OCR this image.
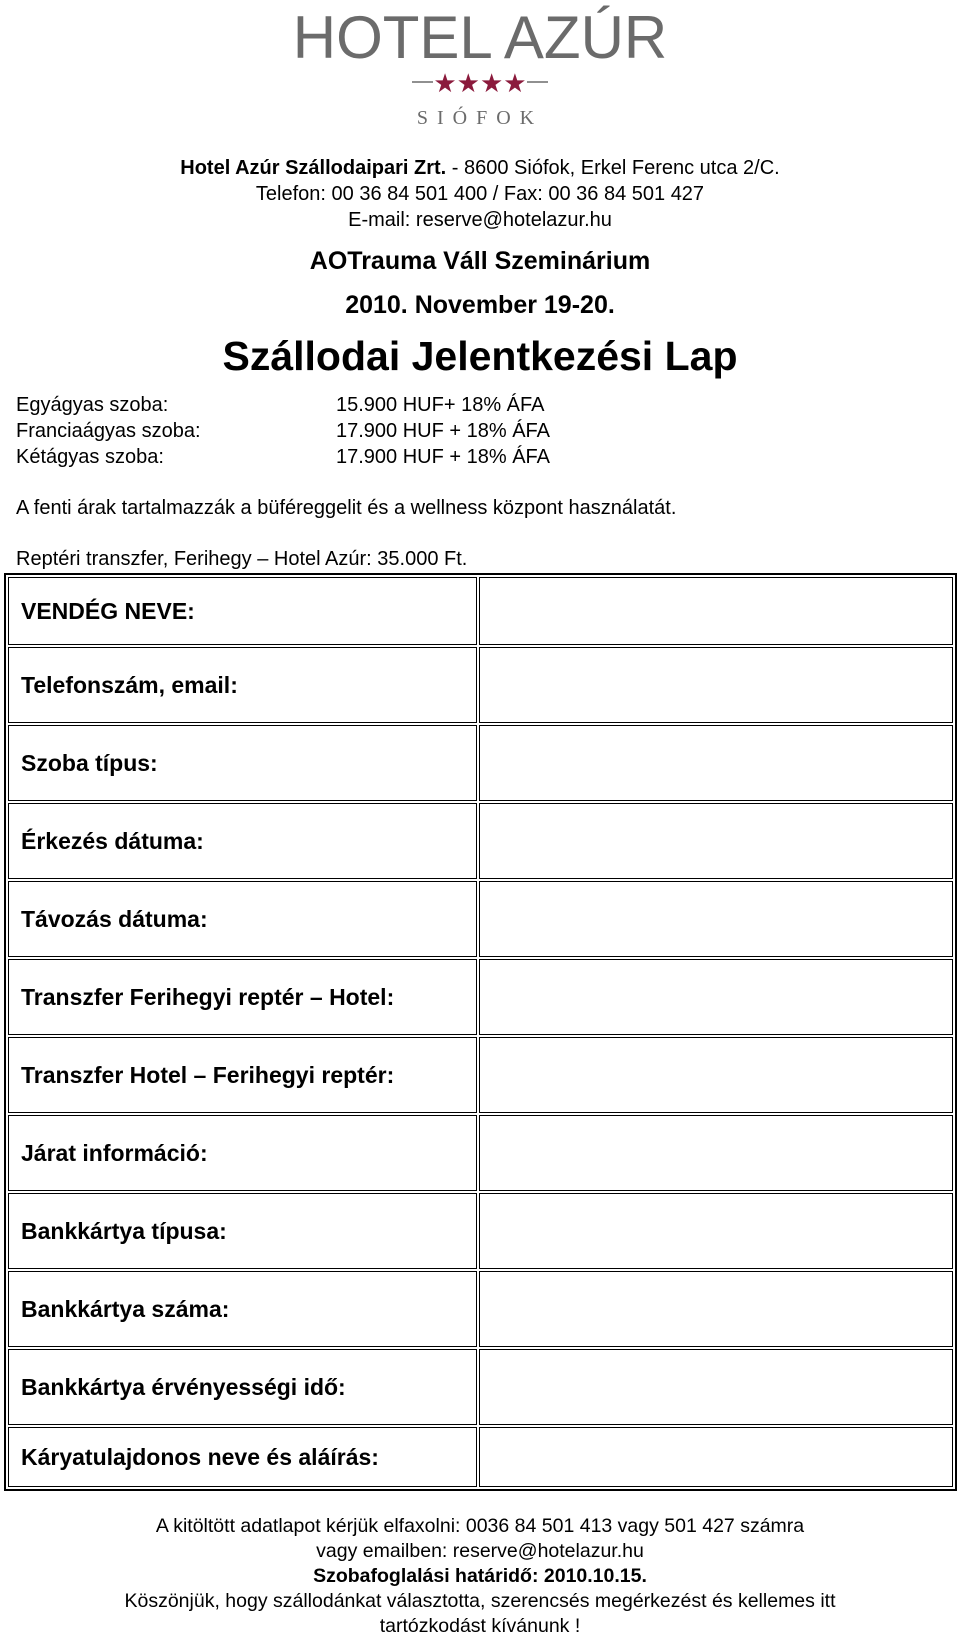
HOTEL AZÚR
★★★★
SIÓFOK
Hotel Azúr Szállodaipari Zrt. - 8600 Siófok, Erkel Ferenc utca 2/C.
Telefon: 00 36 84 501 400 / Fax: 00 36 84 501 427
E-mail: reserve@hotelazur.hu
AOTrauma Váll Szeminárium
2010. November 19-20.
Szállodai Jelentkezési Lap
Egyágyas szoba:	15.900 HUF+ 18% ÁFA
Franciaágyas szoba:	17.900 HUF + 18% ÁFA
Kétágyas szoba:	17.900 HUF + 18% ÁFA
A fenti árak tartalmazzák a büféreggelit és a wellness központ használatát.
Reptéri transzfer, Ferihegy – Hotel Azúr: 35.000 Ft.
VENDÉG NEVE:	
Telefonszám, email:	
Szoba típus:	
Érkezés dátuma:	
Távozás dátuma:	
Transzfer Ferihegyi reptér – Hotel:	
Transzfer Hotel – Ferihegyi reptér:	
Járat információ:	
Bankkártya típusa:	
Bankkártya száma:	
Bankkártya érvényességi idő:	
Káryatulajdonos neve és aláírás:	
A kitöltött adatlapot kérjük elfaxolni: 0036 84 501 413 vagy 501 427 számra
vagy emailben: reserve@hotelazur.hu
Szobafoglalási határidő: 2010.10.15.
Köszönjük, hogy szállodánkat választotta, szerencsés megérkezést és kellemes itt
tartózkodást kívánunk !
